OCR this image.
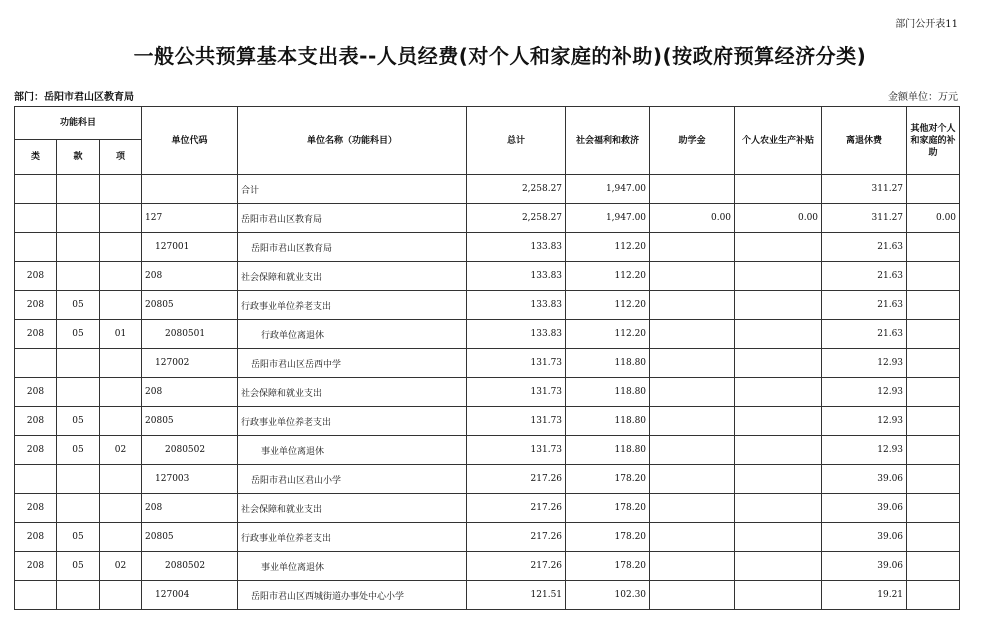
部门公开表11
一般公共预算基本支出表--人员经费(对个人和家庭的补助)(按政府预算经济分类)
部门：岳阳市君山区教育局	金额单位：万元
功能科目			单位代码	单位名称（功能科目）	总计	社会福利和救济	助学金	个人农业生产补贴	离退休费	其他对个人和家庭的补助
类	款	项								
				合计	2,258.27	1,947.00			311.27	
			127	岳阳市君山区教育局	2,258.27	1,947.00	0.00	0.00	311.27	0.00
			127001	岳阳市君山区教育局	133.83	112.20			21.63	
208			208	社会保障和就业支出	133.83	112.20			21.63	
208	05		20805	行政事业单位养老支出	133.83	112.20			21.63	
208	05	01	2080501	行政单位离退休	133.83	112.20			21.63	
			127002	岳阳市君山区岳西中学	131.73	118.80			12.93	
208			208	社会保障和就业支出	131.73	118.80			12.93	
208	05		20805	行政事业单位养老支出	131.73	118.80			12.93	
208	05	02	2080502	事业单位离退休	131.73	118.80			12.93	
			127003	岳阳市君山区君山小学	217.26	178.20			39.06	
208			208	社会保障和就业支出	217.26	178.20			39.06	
208	05		20805	行政事业单位养老支出	217.26	178.20			39.06	
208	05	02	2080502	事业单位离退休	217.26	178.20			39.06	
			127004	岳阳市君山区西城街道办事处中心小学	121.51	102.30			19.21	
